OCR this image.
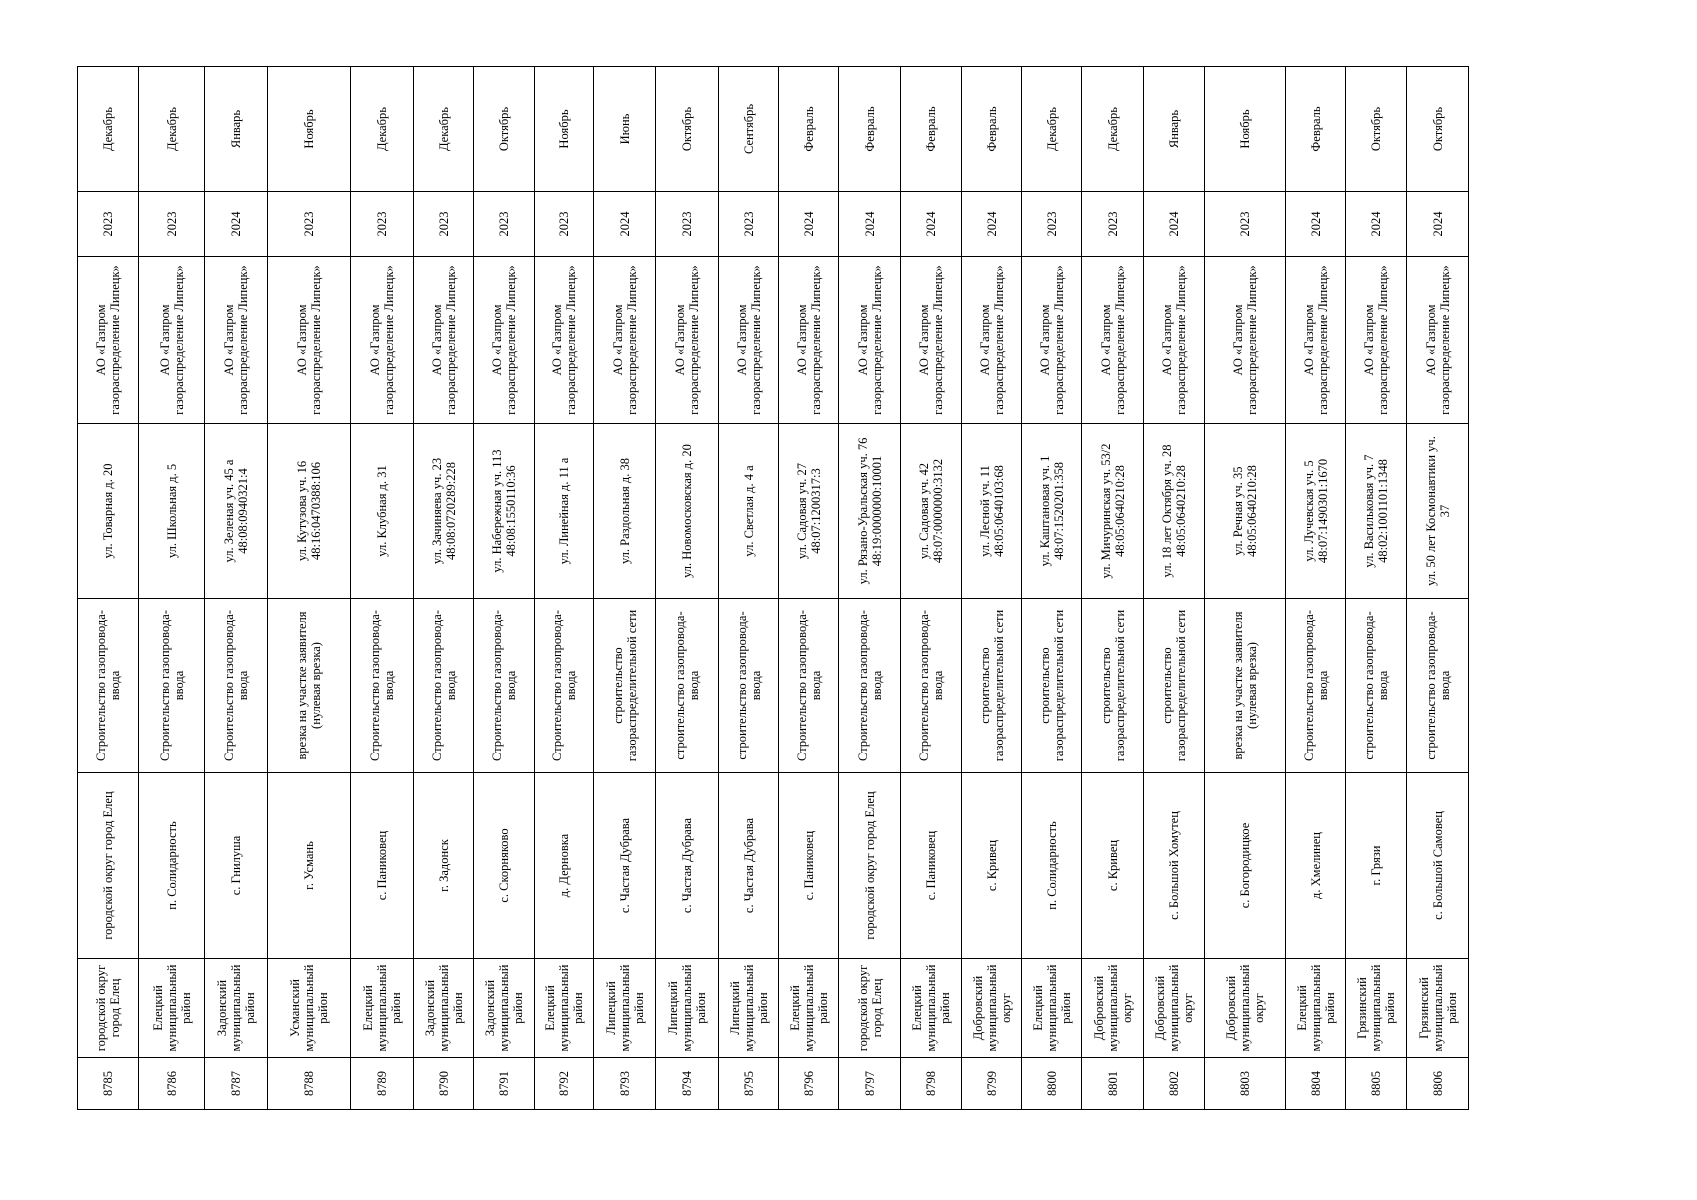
8785	городской округ город Елец	городской округ город Елец	Строительство газопровода-ввода	ул. Товарная д. 20	АО «Газпром газораспределение Липецк»	2023	Декабрь
8786	Елецкий муниципальный район	п. Солидарность	Строительство газопровода-ввода	ул. Школьная д. 5	АО «Газпром газораспределение Липецк»	2023	Декабрь
8787	Задонский муниципальный район	с. Гнилуша	Строительство газопровода-ввода	ул. Зеленая уч. 45 а 48:08:0940321:4	АО «Газпром газораспределение Липецк»	2024	Январь
8788	Усманский муниципальный район	г. Усмань	врезка на участке заявителя (нулевая врезка)	ул. Кутузова уч. 16 48:16:0470388:106	АО «Газпром газораспределение Липецк»	2023	Ноябрь
8789	Елецкий муниципальный район	с. Паниковец	Строительство газопровода-ввода	ул. Клубная д. 31	АО «Газпром газораспределение Липецк»	2023	Декабрь
8790	Задонский муниципальный район	г. Задонск	Строительство газопровода-ввода	ул. Зачиняева уч. 23 48:08:0720289:228	АО «Газпром газораспределение Липецк»	2023	Декабрь
8791	Задонский муниципальный район	с. Скорняково	Строительство газопровода-ввода	ул. Набережная уч. 113 48:08:1550110:36	АО «Газпром газораспределение Липецк»	2023	Октябрь
8792	Елецкий муниципальный район	д. Дерновка	Строительство газопровода-ввода	ул. Линейная д. 11 а	АО «Газпром газораспределение Липецк»	2023	Ноябрь
8793	Липецкий муниципальный район	с. Частая Дубрава	строительство газораспределительной сети	ул. Раздольная д. 38	АО «Газпром газораспределение Липецк»	2024	Июнь
8794	Липецкий муниципальный район	с. Частая Дубрава	строительство газопровода-ввода	ул. Новомосковская д. 20	АО «Газпром газораспределение Липецк»	2023	Октябрь
8795	Липецкий муниципальный район	с. Частая Дубрава	строительство газопровода-ввода	ул. Светлая д. 4 а	АО «Газпром газораспределение Липецк»	2023	Сентябрь
8796	Елецкий муниципальный район	с. Паниковец	Строительство газопровода-ввода	ул. Садовая уч. 27 48:07:1200317:3	АО «Газпром газораспределение Липецк»	2024	Февраль
8797	городской округ город Елец	городской округ город Елец	Строительство газопровода-ввода	ул. Рязано-Уральская уч. 76 48:19:0000000:10001	АО «Газпром газораспределение Липецк»	2024	Февраль
8798	Елецкий муниципальный район	с. Паниковец	Строительство газопровода-ввода	ул. Садовая уч. 42 48:07:0000000:3132	АО «Газпром газораспределение Липецк»	2024	Февраль
8799	Добровский муниципальный округ	с. Кривец	строительство газораспределительной сети	ул. Лесной уч. 11 48:05:0640103:68	АО «Газпром газораспределение Липецк»	2024	Февраль
8800	Елецкий муниципальный район	п. Солидарность	строительство газораспределительной сети	ул. Каштановая уч. 1 48:07:1520201:358	АО «Газпром газораспределение Липецк»	2023	Декабрь
8801	Добровский муниципальный округ	с. Кривец	строительство газораспределительной сети	ул. Мичуринская уч. 53/2 48:05:0640210:28	АО «Газпром газораспределение Липецк»	2023	Декабрь
8802	Добровский муниципальный округ	с. Большой Хомутец	строительство газораспределительной сети	ул. 18 лет Октября уч. 28 48:05:0640210:28	АО «Газпром газораспределение Липецк»	2024	Январь
8803	Добровский муниципальный округ	с. Богородицкое	врезка на участке заявителя (нулевая врезка)	ул. Речная уч. 35 48:05:0640210:28	АО «Газпром газораспределение Липецк»	2023	Ноябрь
8804	Елецкий муниципальный район	д. Хмелинец	Строительство газопровода-ввода	ул. Лучевская уч. 5 48:07:1490301:1670	АО «Газпром газораспределение Липецк»	2024	Февраль
8805	Грязинский муниципальный район	г. Грязи	строительство газопровода-ввода	ул. Васильковая уч. 7 48:02:1001101:1348	АО «Газпром газораспределение Липецк»	2024	Октябрь
8806	Грязинский муниципальный район	с. Большой Самовец	строительство газопровода-ввода	ул. 50 лет Космонавтики уч. 37	АО «Газпром газораспределение Липецк»	2024	Октябрь
